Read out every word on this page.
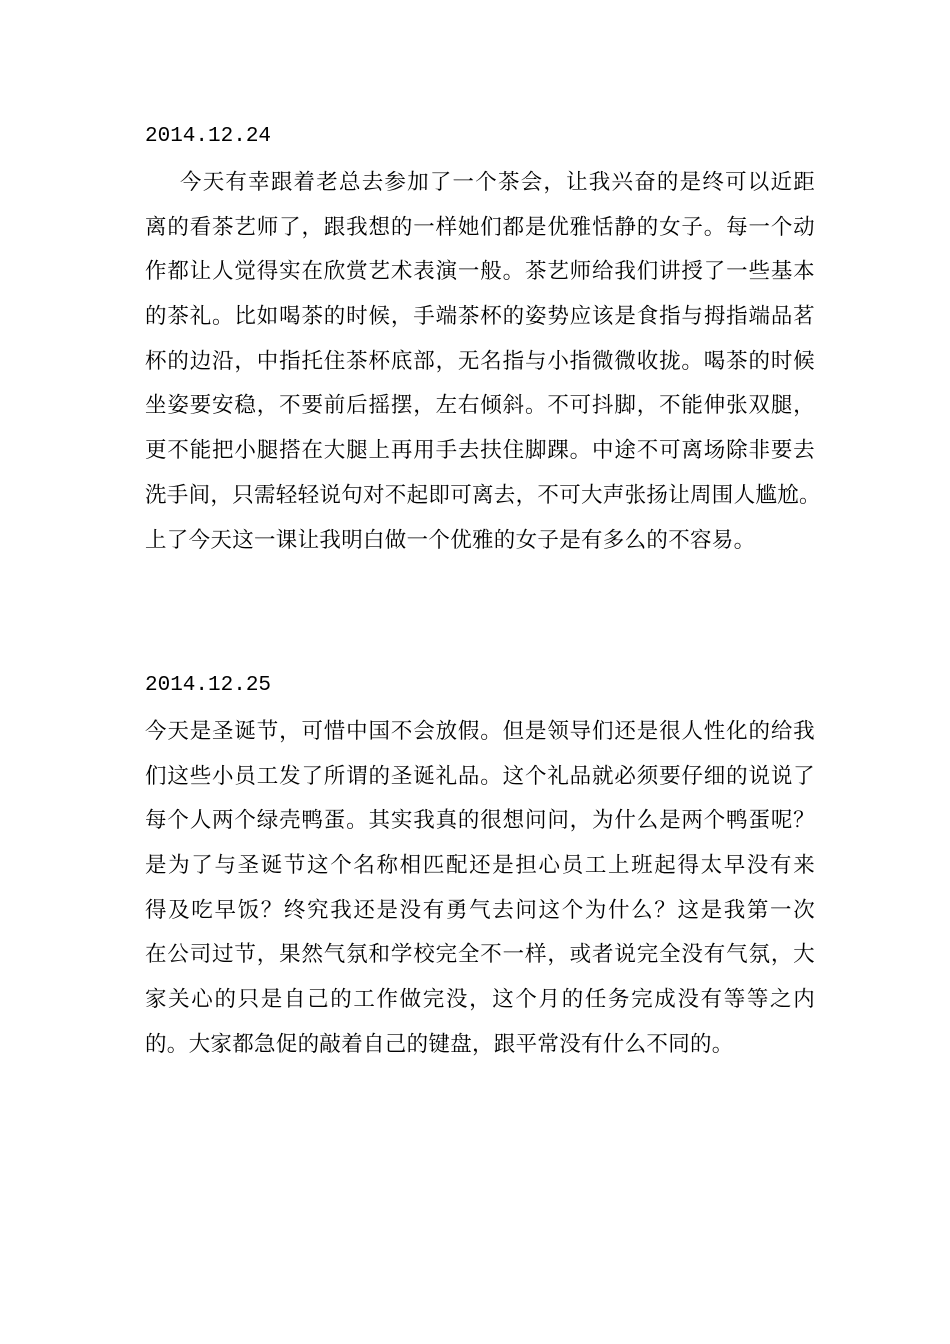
2014.12.24
今天有幸跟着老总去参加了一个茶会，让我兴奋的是终可以近距
离的看茶艺师了，跟我想的一样她们都是优雅恬静的女子。每一个动
作都让人觉得实在欣赏艺术表演一般。茶艺师给我们讲授了一些基本
的茶礼。比如喝茶的时候，手端茶杯的姿势应该是食指与拇指端品茗
杯的边沿，中指托住茶杯底部，无名指与小指微微收拢。喝茶的时候
坐姿要安稳，不要前后摇摆，左右倾斜。不可抖脚，不能伸张双腿，
更不能把小腿搭在大腿上再用手去扶住脚踝。中途不可离场除非要去
洗手间，只需轻轻说句对不起即可离去，不可大声张扬让周围人尴尬。
上了今天这一课让我明白做一个优雅的女子是有多么的不容易。
2014.12.25
今天是圣诞节，可惜中国不会放假。但是领导们还是很人性化的给我
们这些小员工发了所谓的圣诞礼品。这个礼品就必须要仔细的说说了
每个人两个绿壳鸭蛋。其实我真的很想问问，为什么是两个鸭蛋呢？
是为了与圣诞节这个名称相匹配还是担心员工上班起得太早没有来
得及吃早饭？终究我还是没有勇气去问这个为什么？这是我第一次
在公司过节，果然气氛和学校完全不一样，或者说完全没有气氛，大
家关心的只是自己的工作做完没，这个月的任务完成没有等等之内
的。大家都急促的敲着自己的键盘，跟平常没有什么不同的。
